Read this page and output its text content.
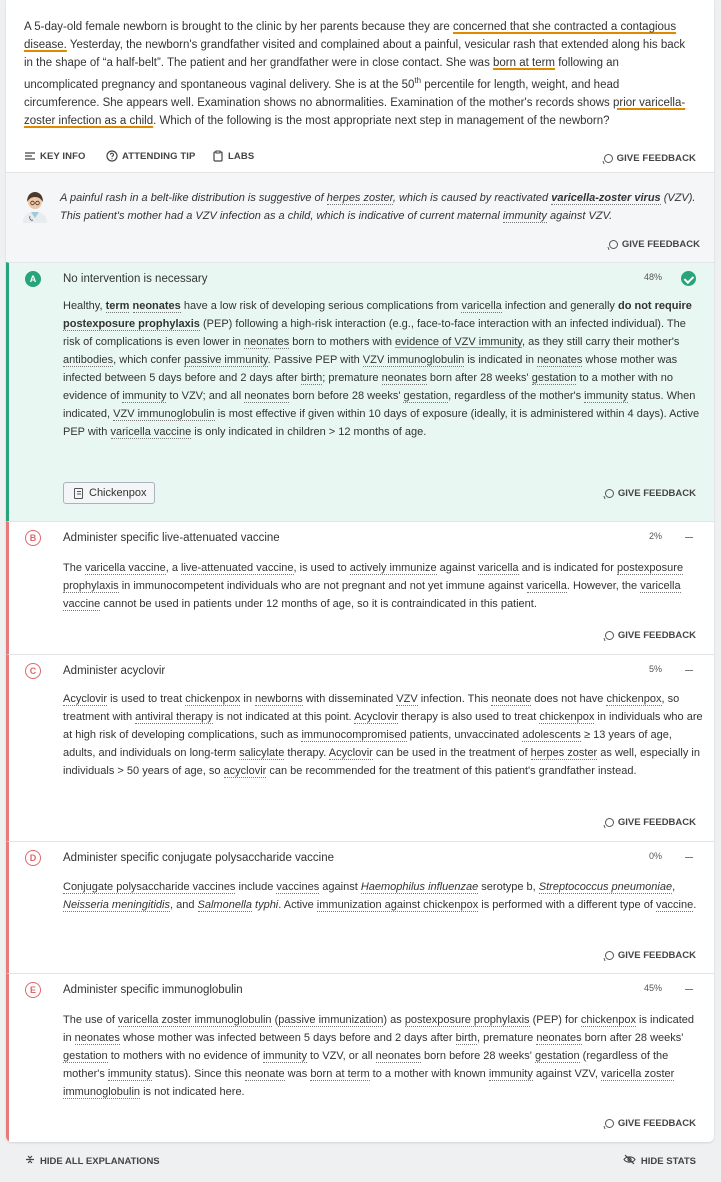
A 5-day-old female newborn is brought to the clinic by her parents because they are concerned that she contracted a contagious disease. Yesterday, the newborn's grandfather visited and complained about a painful, vesicular rash that extended along his back in the shape of “a half-belt”. The patient and her grandfather were in close contact. She was born at term following an uncomplicated pregnancy and spontaneous vaginal delivery. She is at the 50th percentile for length, weight, and head circumference. She appears well. Examination shows no abnormalities. Examination of the mother's records shows prior varicella-zoster infection as a child. Which of the following is the most appropriate next step in management of the newborn?
KEY INFO	ATTENDING TIP	LABS	GIVE FEEDBACK
A painful rash in a belt-like distribution is suggestive of herpes zoster, which is caused by reactivated varicella-zoster virus (VZV). This patient's mother had a VZV infection as a child, which is indicative of current maternal immunity against VZV.
GIVE FEEDBACK
A	No intervention is necessary	48%
Healthy, term neonates have a low risk of developing serious complications from varicella infection and generally do not require postexposure prophylaxis (PEP) following a high-risk interaction (e.g., face-to-face interaction with an infected individual). The risk of complications is even lower in neonates born to mothers with evidence of VZV immunity, as they still carry their mother's antibodies, which confer passive immunity. Passive PEP with VZV immunoglobulin is indicated in neonates whose mother was infected between 5 days before and 2 days after birth; premature neonates born after 28 weeks' gestation to a mother with no evidence of immunity to VZV; and all neonates born before 28 weeks' gestation, regardless of the mother's immunity status. When indicated, VZV immunoglobulin is most effective if given within 10 days of exposure (ideally, it is administered within 4 days). Active PEP with varicella vaccine is only indicated in children > 12 months of age.
Chickenpox	GIVE FEEDBACK
B	Administer specific live-attenuated vaccine	2%
The varicella vaccine, a live-attenuated vaccine, is used to actively immunize against varicella and is indicated for postexposure prophylaxis in immunocompetent individuals who are not pregnant and not yet immune against varicella. However, the varicella vaccine cannot be used in patients under 12 months of age, so it is contraindicated in this patient.
GIVE FEEDBACK
C	Administer acyclovir	5%
Acyclovir is used to treat chickenpox in newborns with disseminated VZV infection. This neonate does not have chickenpox, so treatment with antiviral therapy is not indicated at this point. Acyclovir therapy is also used to treat chickenpox in individuals who are at high risk of developing complications, such as immunocompromised patients, unvaccinated adolescents ≥ 13 years of age, adults, and individuals on long-term salicylate therapy. Acyclovir can be used in the treatment of herpes zoster as well, especially in individuals > 50 years of age, so acyclovir can be recommended for the treatment of this patient's grandfather instead.
GIVE FEEDBACK
D	Administer specific conjugate polysaccharide vaccine	0%
Conjugate polysaccharide vaccines include vaccines against Haemophilus influenzae serotype b, Streptococcus pneumoniae, Neisseria meningitidis, and Salmonella typhi. Active immunization against chickenpox is performed with a different type of vaccine.
GIVE FEEDBACK
E	Administer specific immunoglobulin	45%
The use of varicella zoster immunoglobulin (passive immunization) as postexposure prophylaxis (PEP) for chickenpox is indicated in neonates whose mother was infected between 5 days before and 2 days after birth, premature neonates born after 28 weeks' gestation to mothers with no evidence of immunity to VZV, or all neonates born before 28 weeks' gestation (regardless of the mother's immunity status). Since this neonate was born at term to a mother with known immunity against VZV, varicella zoster immunoglobulin is not indicated here.
GIVE FEEDBACK
HIDE ALL EXPLANATIONS	HIDE STATS
